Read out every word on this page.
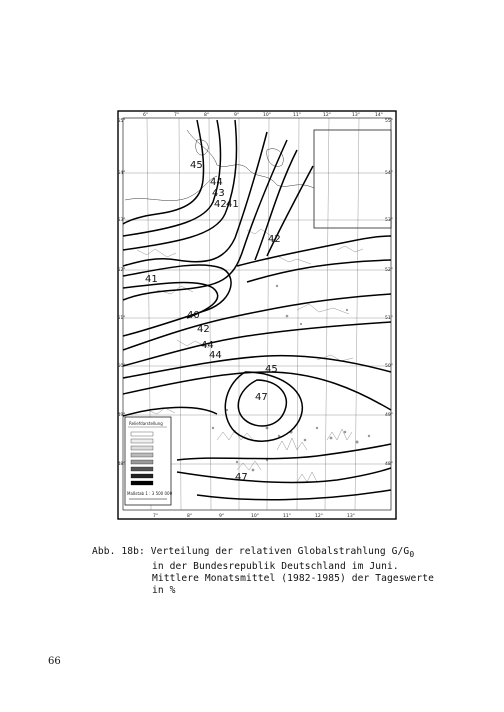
45
44
43
42 41
42
41
40
42
44
44
45
47
47
6°	7°	8°	9°	10°	11°	12°	13°	14°
7°	8°	9°	10°	11°	12°	13°
55°
54°
53°
52°
51°
50°
49°
48°
55°
54°
53°
52°
51°
50°
49°
48°
Reliefdarstellung
Maßstab 1 : 3 500 000
Abb. 18b: Verteilung der relativen Globalstrahlung $G/G_0$
in der Bundesrepublik Deutschland im Juni.
Mittlere Monatsmittel (1982-1985) der Tageswerte
in %
66
